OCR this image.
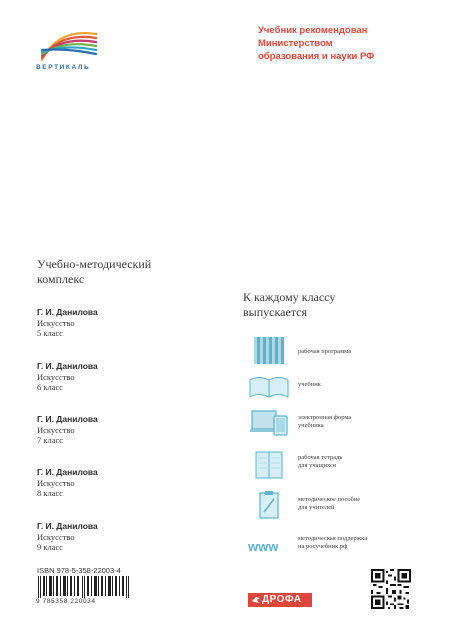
ВЕРТИКАЛЬ
Учебник рекомендован
Министерством
образования и науки РФ
Учебно-методический
комплекс
Г. И. Данилова
Искусство
5 класс
Г. И. Данилова
Искусство
6 класс
Г. И. Данилова
Искусство
7 класс
Г. И. Данилова
Искусство
8 класс
Г. И. Данилова
Искусство
9 класс
К каждому классу
выпускается
рабочая программа
учебник
электронная форма
учебника
рабочая тетрадь
для учащихся
методическое пособие
для учителей
www
методическая поддержка
на росучебник.рф
ISBN 978-5-358-22003-4
9 785358 220034	ДРОФА
